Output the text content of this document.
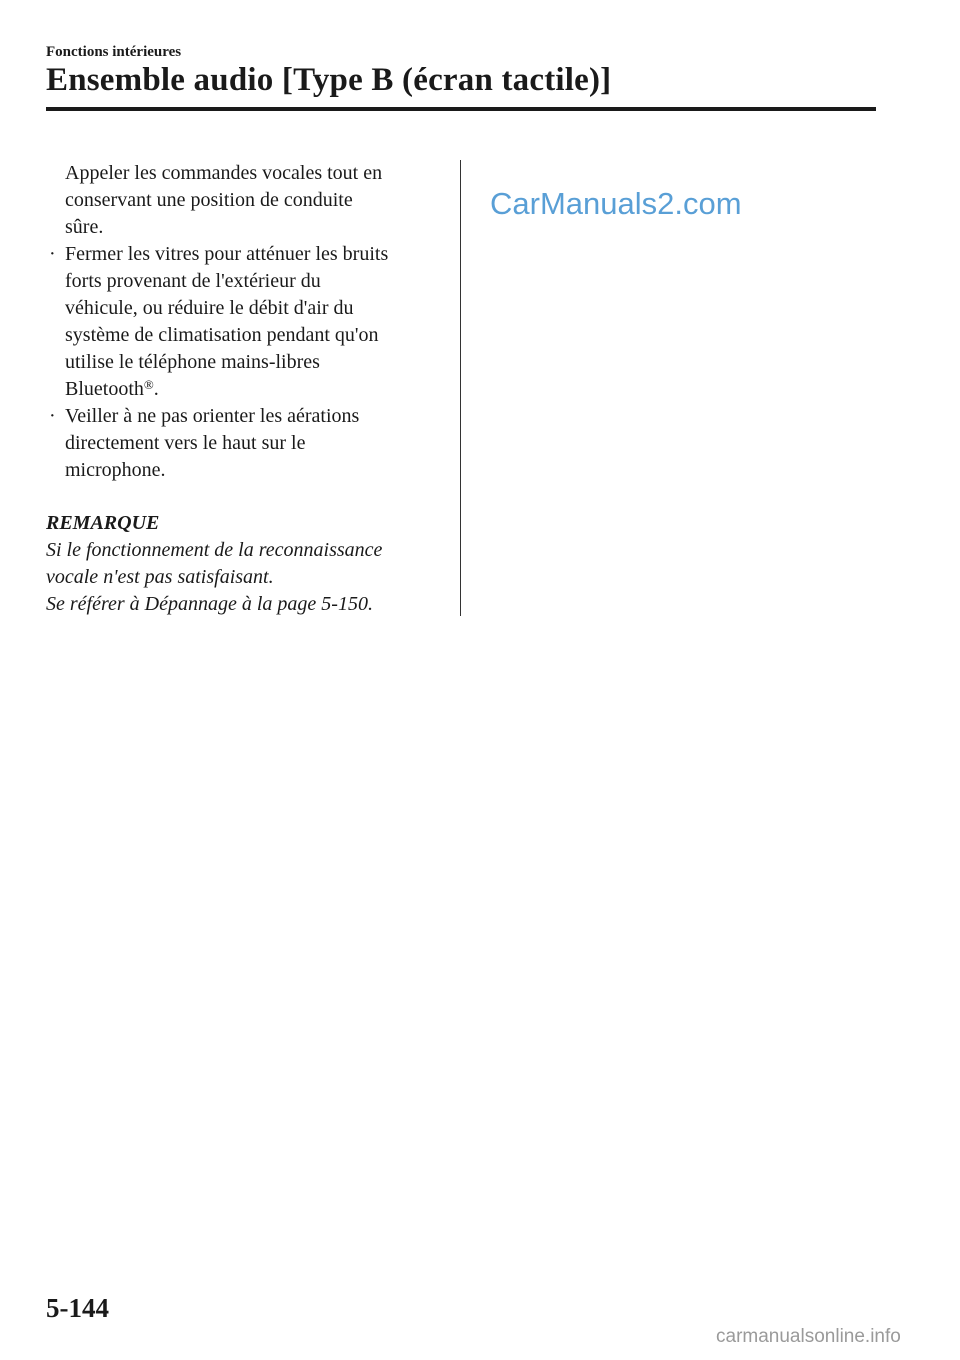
Fonctions intérieures
Ensemble audio [Type B (écran tactile)]
Appeler les commandes vocales tout en
conservant une position de conduite
sûre.
· Fermer les vitres pour atténuer les bruits
forts provenant de l'extérieur du
véhicule, ou réduire le débit d'air du
système de climatisation pendant qu'on
utilise le téléphone mains-libres
Bluetooth®.
· Veiller à ne pas orienter les aérations
directement vers le haut sur le
microphone.

REMARQUE

Si le fonctionnement de la reconnaissance

vocale n'est pas satisfaisant.

Se référer à Dépannage à la page 5-150.

CarManuals2.com
5-144
carmanualsonline.info
